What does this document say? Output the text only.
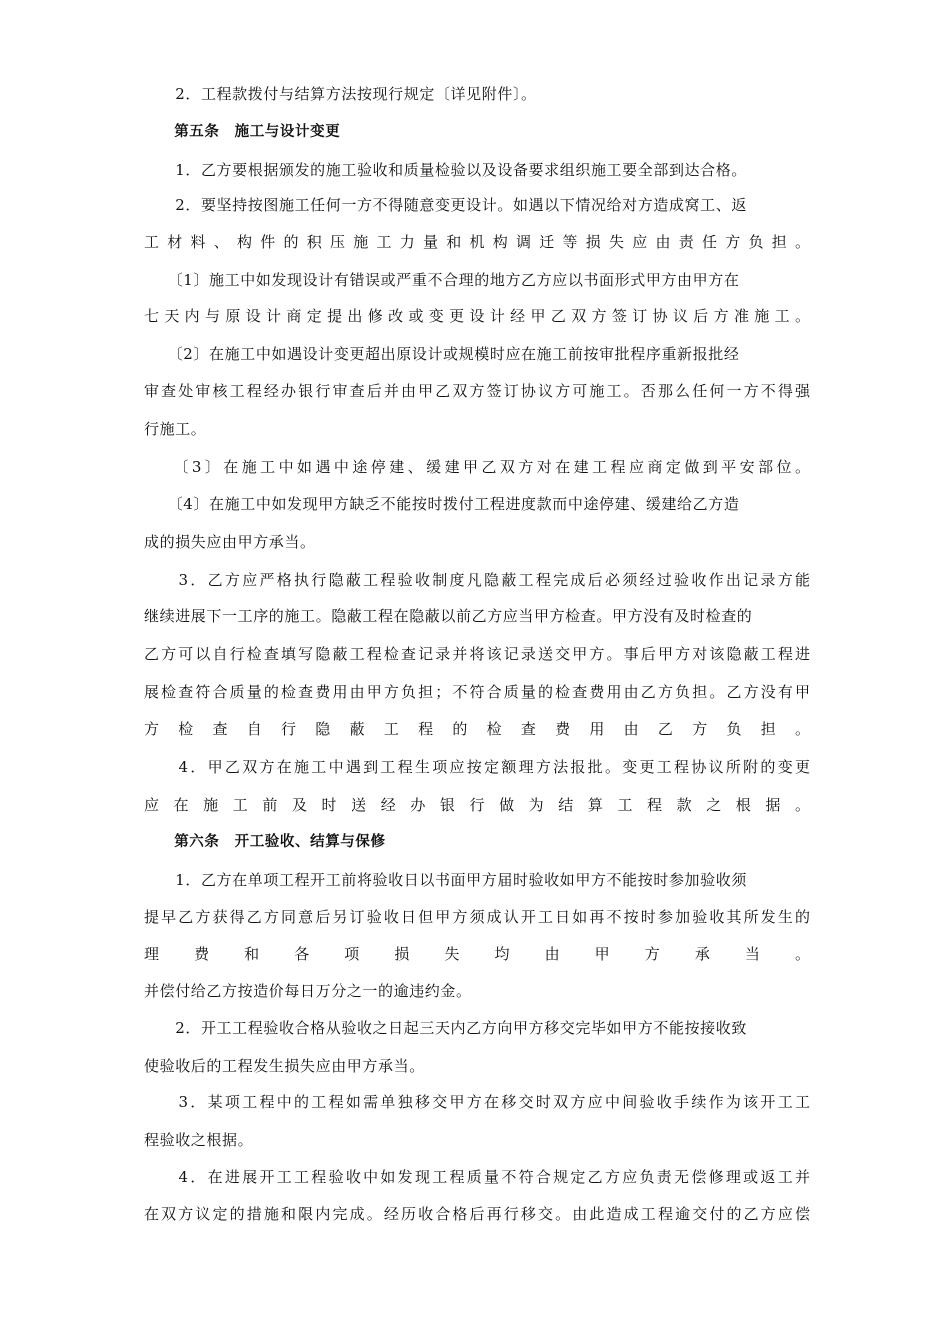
　　2．工程款拨付与结算方法按现行规定〔详见附件〕。
　　第五条　施工与设计变更
　　1．乙方要根据颁发的施工验收和质量检验以及设备要求组织施工要全部到达合格。
　　2．要坚持按图施工任何一方不得随意变更设计。如遇以下情况给对方造成窝工、返
工材料、构件的积压施工力量和机构调迁等损失应由责任方负担。
　　〔1〕施工中如发现设计有错误或严重不合理的地方乙方应以书面形式甲方由甲方在
七天内与原设计商定提出修改或变更设计经甲乙双方签订协议后方准施工。
　　〔2〕在施工中如遇设计变更超出原设计或规模时应在施工前按审批程序重新报批经
审查处审核工程经办银行审查后并由甲乙双方签订协议方可施工。否那么任何一方不得强
行施工。
　　〔3〕在施工中如遇中途停建、缓建甲乙双方对在建工程应商定做到平安部位。
　　〔4〕在施工中如发现甲方缺乏不能按时拨付工程进度款而中途停建、缓建给乙方造
成的损失应由甲方承当。
　　3．乙方应严格执行隐蔽工程验收制度凡隐蔽工程完成后必须经过验收作出记录方能
继续进展下一工序的施工。隐蔽工程在隐蔽以前乙方应当甲方检查。甲方没有及时检查的
乙方可以自行检查填写隐蔽工程检查记录并将该记录送交甲方。事后甲方对该隐蔽工程进
展检查符合质量的检查费用由甲方负担；不符合质量的检查费用由乙方负担。乙方没有甲
方检查自行隐蔽工程的检查费用由乙方负担。
　　4．甲乙双方在施工中遇到工程生项应按定额理方法报批。变更工程协议所附的变更
应在施工前及时送经办银行做为结算工程款之根据。
　　第六条　开工验收、结算与保修
　　1．乙方在单项工程开工前将验收日以书面甲方届时验收如甲方不能按时参加验收须
提早乙方获得乙方同意后另订验收日但甲方须成认开工日如再不按时参加验收其所发生的
理费和各项损失均由甲方承当。
并偿付给乙方按造价每日万分之一的逾违约金。
　　2．开工工程验收合格从验收之日起三天内乙方向甲方移交完毕如甲方不能按接收致
使验收后的工程发生损失应由甲方承当。
　　3．某项工程中的工程如需单独移交甲方在移交时双方应中间验收手续作为该开工工
程验收之根据。
　　4．在进展开工工程验收中如发现工程质量不符合规定乙方应负责无偿修理或返工并
在双方议定的措施和限内完成。经历收合格后再行移交。由此造成工程逾交付的乙方应偿
